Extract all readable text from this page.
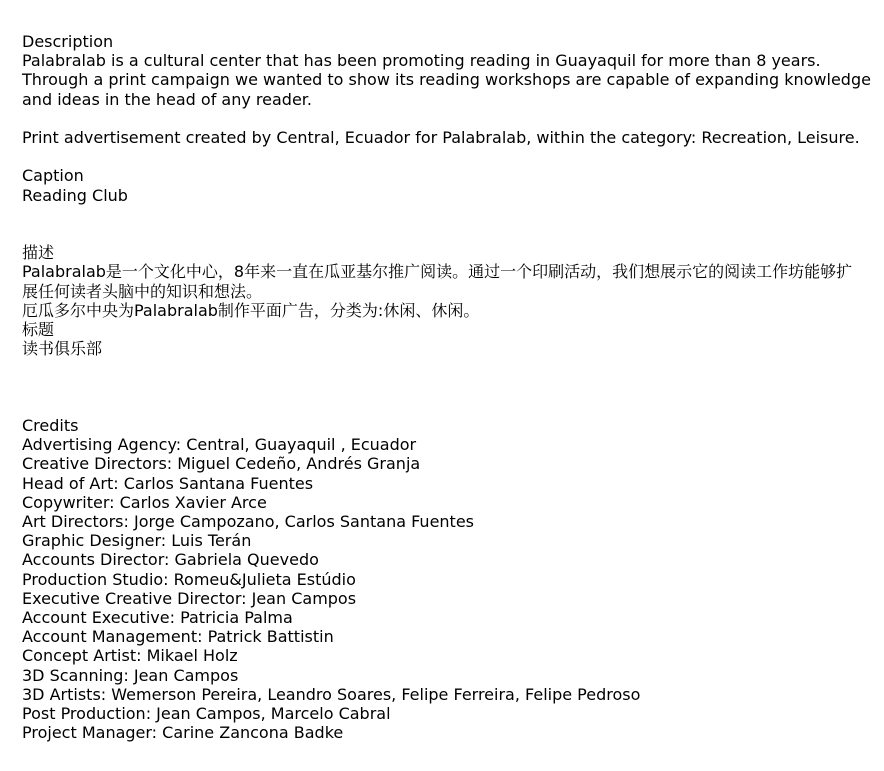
Description

Palabralab is a cultural center that has been promoting reading in Guayaquil for more than 8 years.

Through a print campaign we wanted to show its reading workshops are capable of expanding knowledge

and ideas in the head of any reader.

Print advertisement created by Central, Ecuador for Palabralab, within the category: Recreation, Leisure.

Caption

Reading Club

描述

Palabralab是一个文化中心，8年来一直在瓜亚基尔推广阅读。通过一个印刷活动，我们想展示它的阅读工作坊能够扩展任何读者头脑中的知识和想法。

厄瓜多尔中央为Palabralab制作平面广告，分类为:休闲、休闲。

标题

读书俱乐部

Credits

Advertising Agency: Central, Guayaquil , Ecuador

Creative Directors: Miguel Cedeño, Andrés Granja

Head of Art: Carlos Santana Fuentes

Copywriter: Carlos Xavier Arce

Art Directors: Jorge Campozano, Carlos Santana Fuentes

Graphic Designer: Luis Terán

Accounts Director: Gabriela Quevedo

Production Studio: Romeu&Julieta Estúdio

Executive Creative Director: Jean Campos

Account Executive: Patricia Palma

Account Management: Patrick Battistin

Concept Artist: Mikael Holz

3D Scanning: Jean Campos

3D Artists: Wemerson Pereira, Leandro Soares, Felipe Ferreira, Felipe Pedroso

Post Production: Jean Campos, Marcelo Cabral

Project Manager: Carine Zancona Badke
